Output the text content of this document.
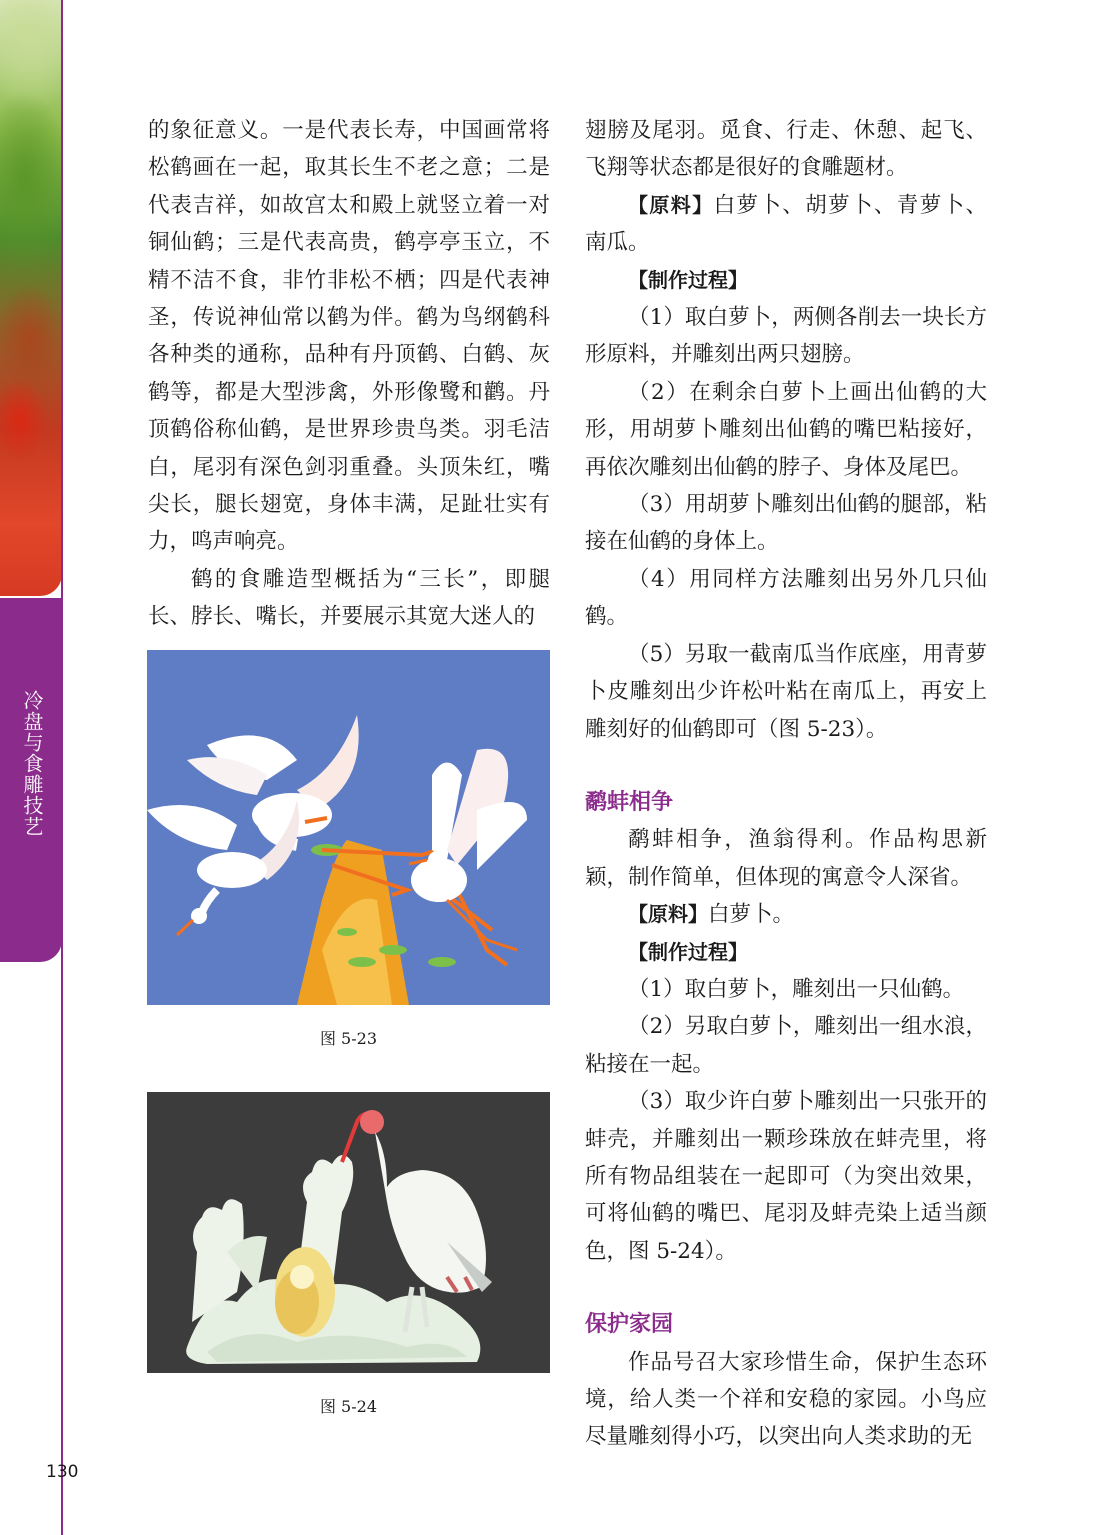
冷盘与食雕技艺
130

的象征意义。一是代表长寿，中国画常将松鹤画在一起，取其长生不老之意；二是代表吉祥，如故宫太和殿上就竖立着一对铜仙鹤；三是代表高贵，鹤亭亭玉立，不精不洁不食，非竹非松不栖；四是代表神圣，传说神仙常以鹤为伴。鹤为鸟纲鹤科各种类的通称，品种有丹顶鹤、白鹤、灰鹤等，都是大型涉禽，外形像鹭和鹳。丹顶鹤俗称仙鹤，是世界珍贵鸟类。羽毛洁白，尾羽有深色剑羽重叠。头顶朱红，嘴尖长，腿长翅宽，身体丰满，足趾壮实有力，鸣声响亮。

鹤的食雕造型概括为“三长”，即腿长、脖长、嘴长，并要展示其宽大迷人的

图 5-23
图 5-24

翅膀及尾羽。觅食、行走、休憩、起飞、飞翔等状态都是很好的食雕题材。

【原料】白萝卜、胡萝卜、青萝卜、南瓜。

【制作过程】

（1）取白萝卜，两侧各削去一块长方形原料，并雕刻出两只翅膀。

（2）在剩余白萝卜上画出仙鹤的大形，用胡萝卜雕刻出仙鹤的嘴巴粘接好，再依次雕刻出仙鹤的脖子、身体及尾巴。

（3）用胡萝卜雕刻出仙鹤的腿部，粘接在仙鹤的身体上。

（4）用同样方法雕刻出另外几只仙鹤。

（5）另取一截南瓜当作底座，用青萝卜皮雕刻出少许松叶粘在南瓜上，再安上雕刻好的仙鹤即可（图 5-23）。

鹬蚌相争

鹬蚌相争，渔翁得利。作品构思新颖，制作简单，但体现的寓意令人深省。

【原料】白萝卜。

【制作过程】

（1）取白萝卜，雕刻出一只仙鹤。

（2）另取白萝卜，雕刻出一组水浪，粘接在一起。

（3）取少许白萝卜雕刻出一只张开的蚌壳，并雕刻出一颗珍珠放在蚌壳里，将所有物品组装在一起即可（为突出效果，可将仙鹤的嘴巴、尾羽及蚌壳染上适当颜色，图 5-24）。

保护家园

作品号召大家珍惜生命，保护生态环境，给人类一个祥和安稳的家园。小鸟应尽量雕刻得小巧，以突出向人类求助的无
